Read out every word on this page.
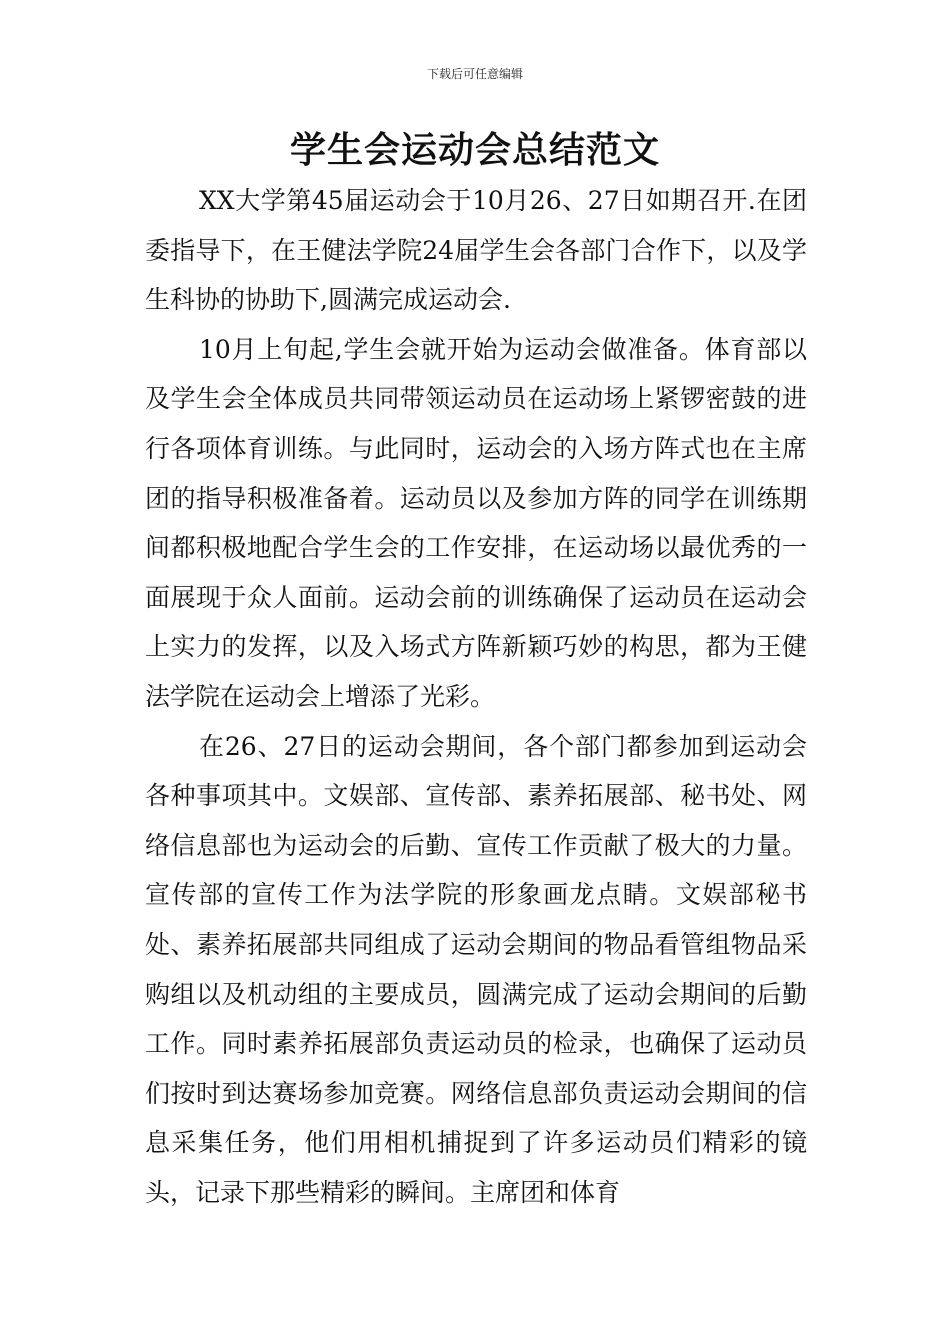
下载后可任意编辑
学生会运动会总结范文

XX大学第45届运动会于10月26、27日如期召开.在团委指导下，在王健法学院24届学生会各部门合作下，以及学生科协的协助下,圆满完成运动会.

10月上旬起,学生会就开始为运动会做准备。体育部以及学生会全体成员共同带领运动员在运动场上紧锣密鼓的进行各项体育训练。与此同时，运动会的入场方阵式也在主席团的指导积极准备着。运动员以及参加方阵的同学在训练期间都积极地配合学生会的工作安排，在运动场以最优秀的一面展现于众人面前。运动会前的训练确保了运动员在运动会上实力的发挥，以及入场式方阵新颖巧妙的构思，都为王健法学院在运动会上增添了光彩。

在26、27日的运动会期间，各个部门都参加到运动会各种事项其中。文娱部、宣传部、素养拓展部、秘书处、网络信息部也为运动会的后勤、宣传工作贡献了极大的力量。宣传部的宣传工作为法学院的形象画龙点睛。文娱部秘书处、素养拓展部共同组成了运动会期间的物品看管组物品采购组以及机动组的主要成员，圆满完成了运动会期间的后勤工作。同时素养拓展部负责运动员的检录，也确保了运动员们按时到达赛场参加竞赛。网络信息部负责运动会期间的信息采集任务，他们用相机捕捉到了许多运动员们精彩的镜头，记录下那些精彩的瞬间。主席团和体育
